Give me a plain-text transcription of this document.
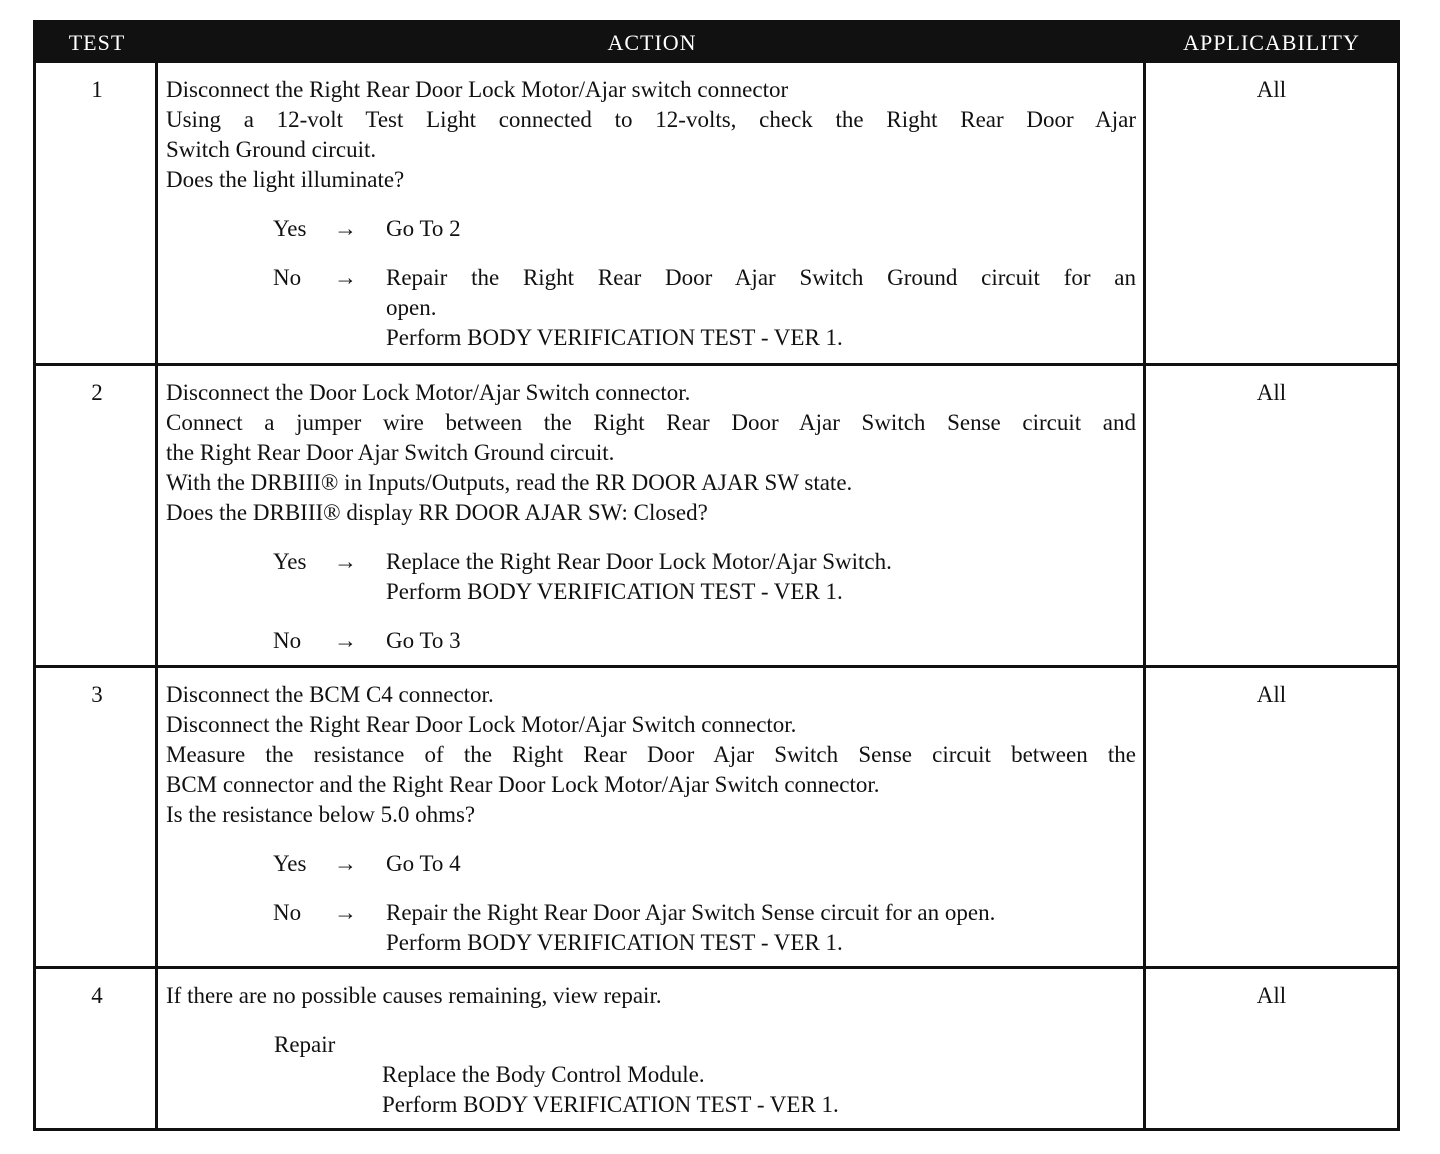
TEST	ACTION	APPLICABILITY
1	Disconnect the Right Rear Door Lock Motor/Ajar switch connector
Using a 12-volt Test Light connected to 12-volts, check the Right Rear Door Ajar
Switch Ground circuit.
Does the light illuminate?
Yes → Go To 2
No → Repair the Right Rear Door Ajar Switch Ground circuit for an
open.
Perform BODY VERIFICATION TEST - VER 1.
All
2	Disconnect the Door Lock Motor/Ajar Switch connector.
Connect a jumper wire between the Right Rear Door Ajar Switch Sense circuit and
the Right Rear Door Ajar Switch Ground circuit.
With the DRBIII® in Inputs/Outputs, read the RR DOOR AJAR SW state.
Does the DRBIII® display RR DOOR AJAR SW: Closed?
Yes → Replace the Right Rear Door Lock Motor/Ajar Switch.
Perform BODY VERIFICATION TEST - VER 1.
No → Go To 3
All
3	Disconnect the BCM C4 connector.
Disconnect the Right Rear Door Lock Motor/Ajar Switch connector.
Measure the resistance of the Right Rear Door Ajar Switch Sense circuit between the
BCM connector and the Right Rear Door Lock Motor/Ajar Switch connector.
Is the resistance below 5.0 ohms?
Yes → Go To 4
No → Repair the Right Rear Door Ajar Switch Sense circuit for an open.
Perform BODY VERIFICATION TEST - VER 1.
All
4	If there are no possible causes remaining, view repair.
Repair
Replace the Body Control Module.
Perform BODY VERIFICATION TEST - VER 1.
All
